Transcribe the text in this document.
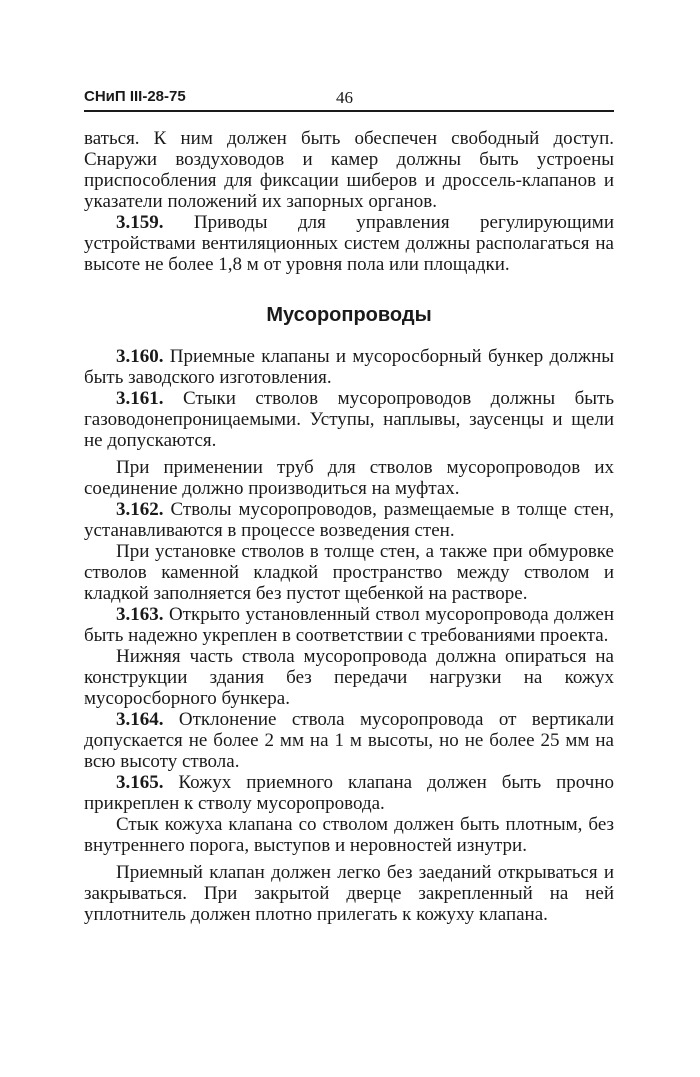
СНиП III-28-75	46

ваться. К ним должен быть обеспечен свободный доступ. Снаружи воздуховодов и камер должны быть устроены приспособления для фиксации шиберов и дроссель-клапанов и указатели положений их запорных органов.

3.159. Приводы для управления регулирующими устройствами вентиляционных систем должны располагаться на высоте не более 1,8 м от уровня пола или площадки.

Мусоропроводы

3.160. Приемные клапаны и мусоросборный бункер должны быть заводского изготовления.

3.161. Стыки стволов мусоропроводов должны быть газоводонепроницаемыми. Уступы, наплывы, заусенцы и щели не допускаются.

При применении труб для стволов мусоропроводов их соединение должно производиться на муфтах.

3.162. Стволы мусоропроводов, размещаемые в толще стен, устанавливаются в процессе возведения стен.

При установке стволов в толще стен, а также при обмуровке стволов каменной кладкой пространство между стволом и кладкой заполняется без пустот щебенкой на растворе.

3.163. Открыто установленный ствол мусоропровода должен быть надежно укреплен в соответствии с требованиями проекта.

Нижняя часть ствола мусоропровода должна опираться на конструкции здания без передачи нагрузки на кожух мусоросборного бункера.

3.164. Отклонение ствола мусоропровода от вертикали допускается не более 2 мм на 1 м высоты, но не более 25 мм на всю высоту ствола.

3.165. Кожух приемного клапана должен быть прочно прикреплен к стволу мусоропровода.

Стык кожуха клапана со стволом должен быть плотным, без внутреннего порога, выступов и неровностей изнутри.

Приемный клапан должен легко без заеданий открываться и закрываться. При закрытой дверце закрепленный на ней уплотнитель должен плотно прилегать к кожуху клапана.
